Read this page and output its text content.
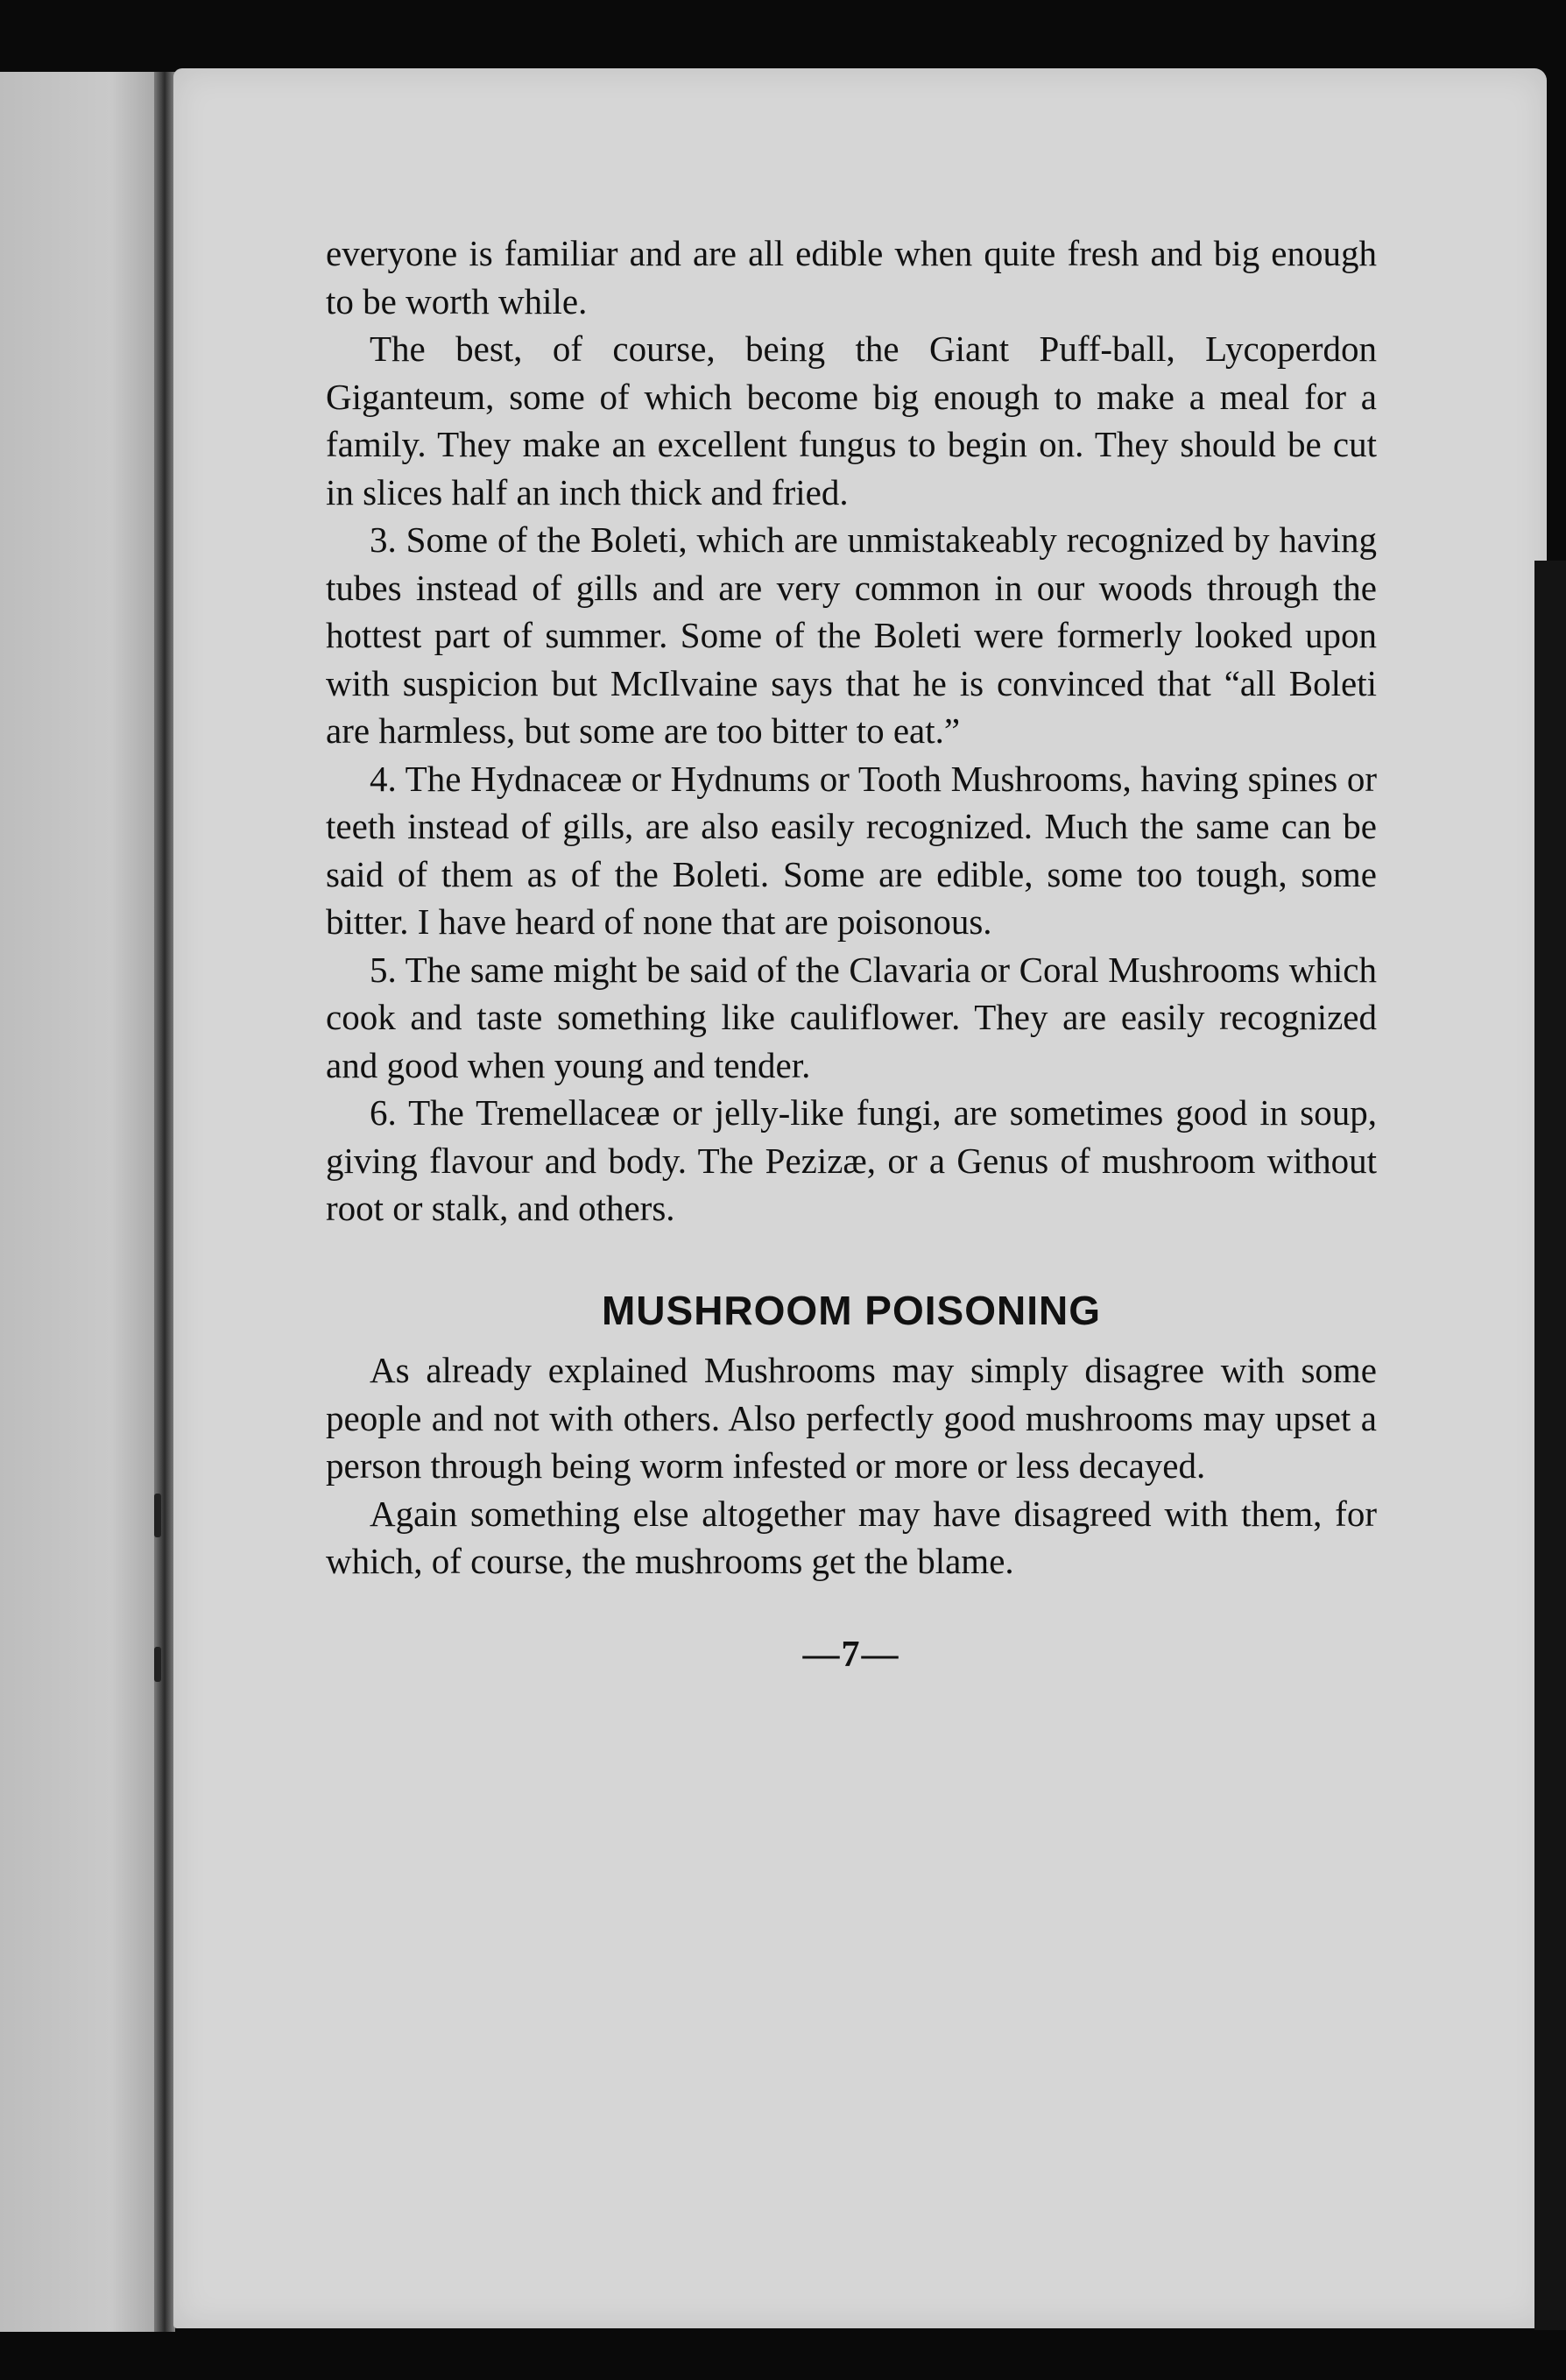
everyone is familiar and are all edible when quite fresh and big enough to be worth while.

The best, of course, being the Giant Puff-ball, Lycoperdon Giganteum, some of which become big enough to make a meal for a family. They make an excellent fungus to begin on. They should be cut in slices half an inch thick and fried.

3. Some of the Boleti, which are unmistakeably recognized by having tubes instead of gills and are very common in our woods through the hottest part of summer. Some of the Boleti were formerly looked upon with suspicion but McIlvaine says that he is convinced that “all Boleti are harmless, but some are too bitter to eat.”

4. The Hydnaceæ or Hydnums or Tooth Mushrooms, having spines or teeth instead of gills, are also easily recognized. Much the same can be said of them as of the Boleti. Some are edible, some too tough, some bitter. I have heard of none that are poisonous.

5. The same might be said of the Clavaria or Coral Mushrooms which cook and taste something like cauliflower. They are easily recognized and good when young and tender.

6. The Tremellaceæ or jelly-like fungi, are sometimes good in soup, giving flavour and body. The Pezizæ, or a Genus of mushroom without root or stalk, and others.

MUSHROOM POISONING

As already explained Mushrooms may simply disagree with some people and not with others. Also perfectly good mushrooms may upset a person through being worm infested or more or less decayed.

Again something else altogether may have disagreed with them, for which, of course, the mushrooms get the blame.

—7—
